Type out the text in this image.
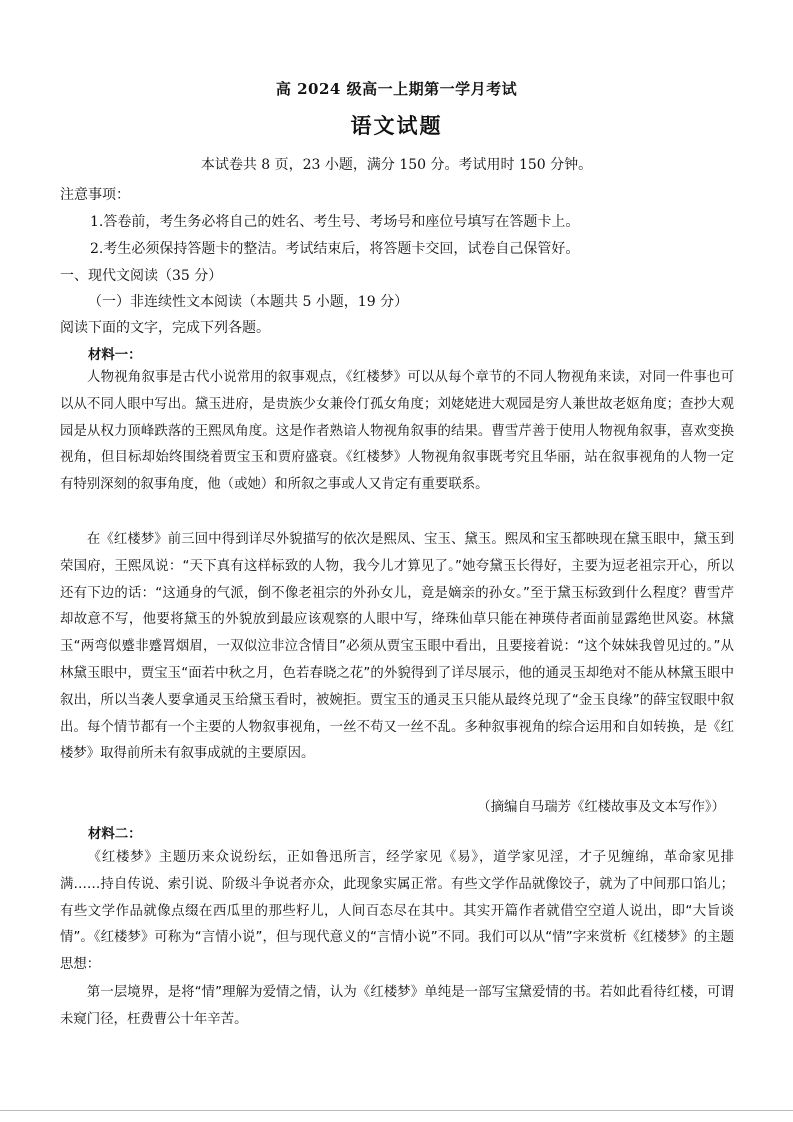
高 2024 级高一上期第一学月考试
语文试题
本试卷共 8 页，23 小题，满分 150 分。考试用时 150 分钟。
注意事项：
1.答卷前，考生务必将自己的姓名、考生号、考场号和座位号填写在答题卡上。
2.考生必须保持答题卡的整洁。考试结束后，将答题卡交回，试卷自己保管好。
一、现代文阅读（35 分）
（一）非连续性文本阅读（本题共 5 小题，19 分）
阅读下面的文字，完成下列各题。
材料一：
人物视角叙事是古代小说常用的叙事观点，《红楼梦》可以从每个章节的不同人物视角来读，对同一件事也可以从不同人眼中写出。黛玉进府，是贵族少女兼伶仃孤女角度；刘姥姥进大观园是穷人兼世故老妪角度；查抄大观园是从权力顶峰跌落的王熙凤角度。这是作者熟谙人物视角叙事的结果。曹雪芹善于使用人物视角叙事，喜欢变换视角，但目标却始终围绕着贾宝玉和贾府盛衰。《红楼梦》人物视角叙事既考究且华丽，站在叙事视角的人物一定有特别深刻的叙事角度，他（或她）和所叙之事或人又肯定有重要联系。
在《红楼梦》前三回中得到详尽外貌描写的依次是熙凤、宝玉、黛玉。熙凤和宝玉都映现在黛玉眼中，黛玉到荣国府，王熙凤说：“天下真有这样标致的人物，我今儿才算见了。”她夸黛玉长得好，主要为逗老祖宗开心，所以还有下边的话：“这通身的气派，倒不像老祖宗的外孙女儿，竟是嫡亲的孙女。”至于黛玉标致到什么程度？曹雪芹却故意不写，他要将黛玉的外貌放到最应该观察的人眼中写，绛珠仙草只能在神瑛侍者面前显露绝世风姿。林黛玉“两弯似蹙非蹙罥烟眉，一双似泣非泣含情目”必须从贾宝玉眼中看出，且要接着说：“这个妹妹我曾见过的。”从林黛玉眼中，贾宝玉“面若中秋之月，色若春晓之花”的外貌得到了详尽展示，他的通灵玉却绝对不能从林黛玉眼中叙出，所以当袭人要拿通灵玉给黛玉看时，被婉拒。贾宝玉的通灵玉只能从最终兑现了“金玉良缘”的薛宝钗眼中叙出。每个情节都有一个主要的人物叙事视角，一丝不苟又一丝不乱。多种叙事视角的综合运用和自如转换，是《红楼梦》取得前所未有叙事成就的主要原因。
（摘编自马瑞芳《红楼故事及文本写作》）
材料二：
《红楼梦》主题历来众说纷纭，正如鲁迅所言，经学家见《易》，道学家见淫，才子见缠绵，革命家见排满……持自传说、索引说、阶级斗争说者亦众，此现象实属正常。有些文学作品就像饺子，就为了中间那口馅儿；有些文学作品就像点缀在西瓜里的那些籽儿，人间百态尽在其中。其实开篇作者就借空空道人说出，即“大旨谈情”。《红楼梦》可称为“言情小说”，但与现代意义的“言情小说”不同。我们可以从“情”字来赏析《红楼梦》的主题思想：
第一层境界，是将“情”理解为爱情之情，认为《红楼梦》单纯是一部写宝黛爱情的书。若如此看待红楼，可谓未窥门径，枉费曹公十年辛苦。
